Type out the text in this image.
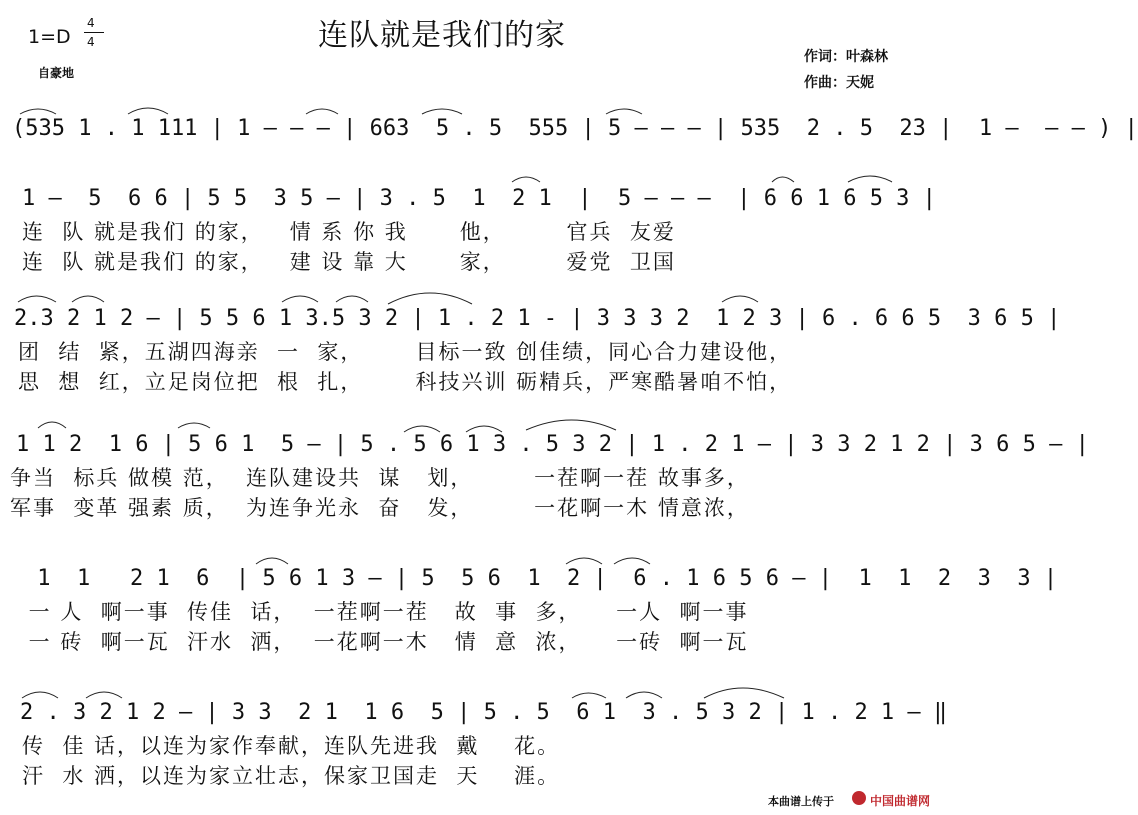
1=D
4
4
自豪地
连队就是我们的家
作词：叶森林
作曲：天妮
(535 1 . 1 111 | 1 — — — | 663  5 . 5  555 | 5 — — — | 535  2 . 5  23 |  1 —  — — ) |
1 —  5  6 6 | 5 5  3 5 — | 3 . 5  1  2 1  |  5 — — —  | 6 6 1 6 5 3 |
连  队 就是我们 的家，   情 系 你 我      他，       官兵  友爱
连  队 就是我们 的家，   建 设 靠 大      家，       爱党  卫国
2.3 2 1 2 — | 5 5 6 1 3.5 3 2 | 1 . 2 1 - | 3 3 3 2  1 2 3 | 6 . 6 6 5  3 6 5 |
团  结  紧，五湖四海亲  一  家，      目标一致 创佳绩，同心合力建设他，
思  想  红，立足岗位把  根  扎，      科技兴训 砺精兵，严寒酷暑咱不怕，
1 1 2  1 6 | 5 6 1  5 — | 5 . 5 6 1 3 . 5 3 2 | 1 . 2 1 — | 3 3 2 1 2 | 3 6 5 — |
争当  标兵 做模 范，  连队建设共  谋   划，       一茬啊一茬 故事多，
军事  变革 强素 质，  为连争光永  奋   发，       一花啊一木 情意浓，
1  1   2 1  6  | 5 6 1 3 — | 5  5 6  1  2 |  6 . 1 6 5 6 — |  1  1  2  3  3 |
一 人  啊一事  传佳  话，  一茬啊一茬   故  事  多，    一人  啊一事
一 砖  啊一瓦  汗水  洒，  一花啊一木   情  意  浓，    一砖  啊一瓦
2 . 3 2 1 2 — | 3 3  2 1  1 6  5 | 5 . 5  6 1  3 . 5 3 2 | 1 . 2 1 — ‖
传  佳 话，以连为家作奉献，连队先进我  戴    花。
汗  水 洒，以连为家立壮志，保家卫国走  天    涯。
本曲谱上传于	中国曲谱网
